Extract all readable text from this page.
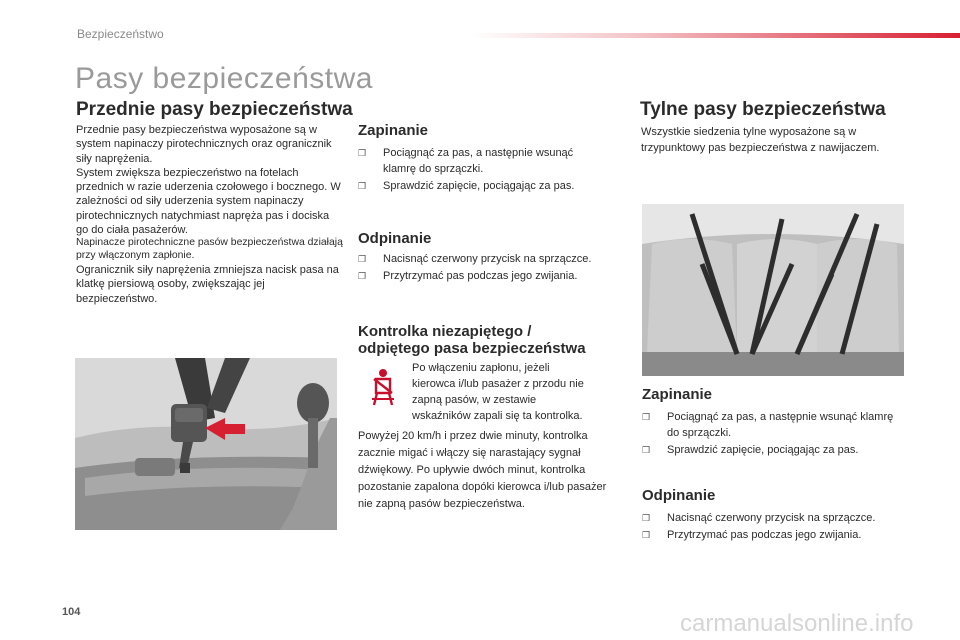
Bezpieczeństwo
Pasy bezpieczeństwa
Przednie pasy bezpieczeństwa
Przednie pasy bezpieczeństwa wyposażone są w system napinaczy pirotechnicznych oraz ogranicznik siły naprężenia.
System zwiększa bezpieczeństwo na fotelach przednich w razie uderzenia czołowego i bocznego. W zależności od siły uderzenia system napinaczy pirotechnicznych natychmiast napręża pas i dociska go do ciała pasażerów.
Napinacze pirotechniczne pasów bezpieczeństwa działają przy włączonym zapłonie.
Ogranicznik siły naprężenia zmniejsza nacisk pasa na klatkę piersiową osoby, zwiększając jej bezpieczeństwo.
Zapinanie
❒ Pociągnąć za pas, a następnie wsunąć klamrę do sprzączki.
❒ Sprawdzić zapięcie, pociągając za pas.
Odpinanie
❒ Nacisnąć czerwony przycisk na sprzączce.
❒ Przytrzymać pas podczas jego zwijania.
Kontrolka niezapiętego /
odpiętego pasa bezpieczeństwa
Po włączeniu zapłonu, jeżeli kierowca i/lub pasażer z przodu nie zapną pasów, w zestawie wskaźników zapali się ta kontrolka.
Powyżej 20 km/h i przez dwie minuty, kontrolka zacznie migać i włączy się narastający sygnał dźwiękowy. Po upływie dwóch minut, kontrolka pozostanie zapalona dopóki kierowca i/lub pasażer nie zapną pasów bezpieczeństwa.
Tylne pasy bezpieczeństwa
Wszystkie siedzenia tylne wyposażone są w trzypunktowy pas bezpieczeństwa z nawijaczem.
Zapinanie
❒ Pociągnąć za pas, a następnie wsunąć klamrę do sprzączki.
❒ Sprawdzić zapięcie, pociągając za pas.
Odpinanie
❒ Nacisnąć czerwony przycisk na sprzączce.
❒ Przytrzymać pas podczas jego zwijania.
104	carmanualsonline.info
